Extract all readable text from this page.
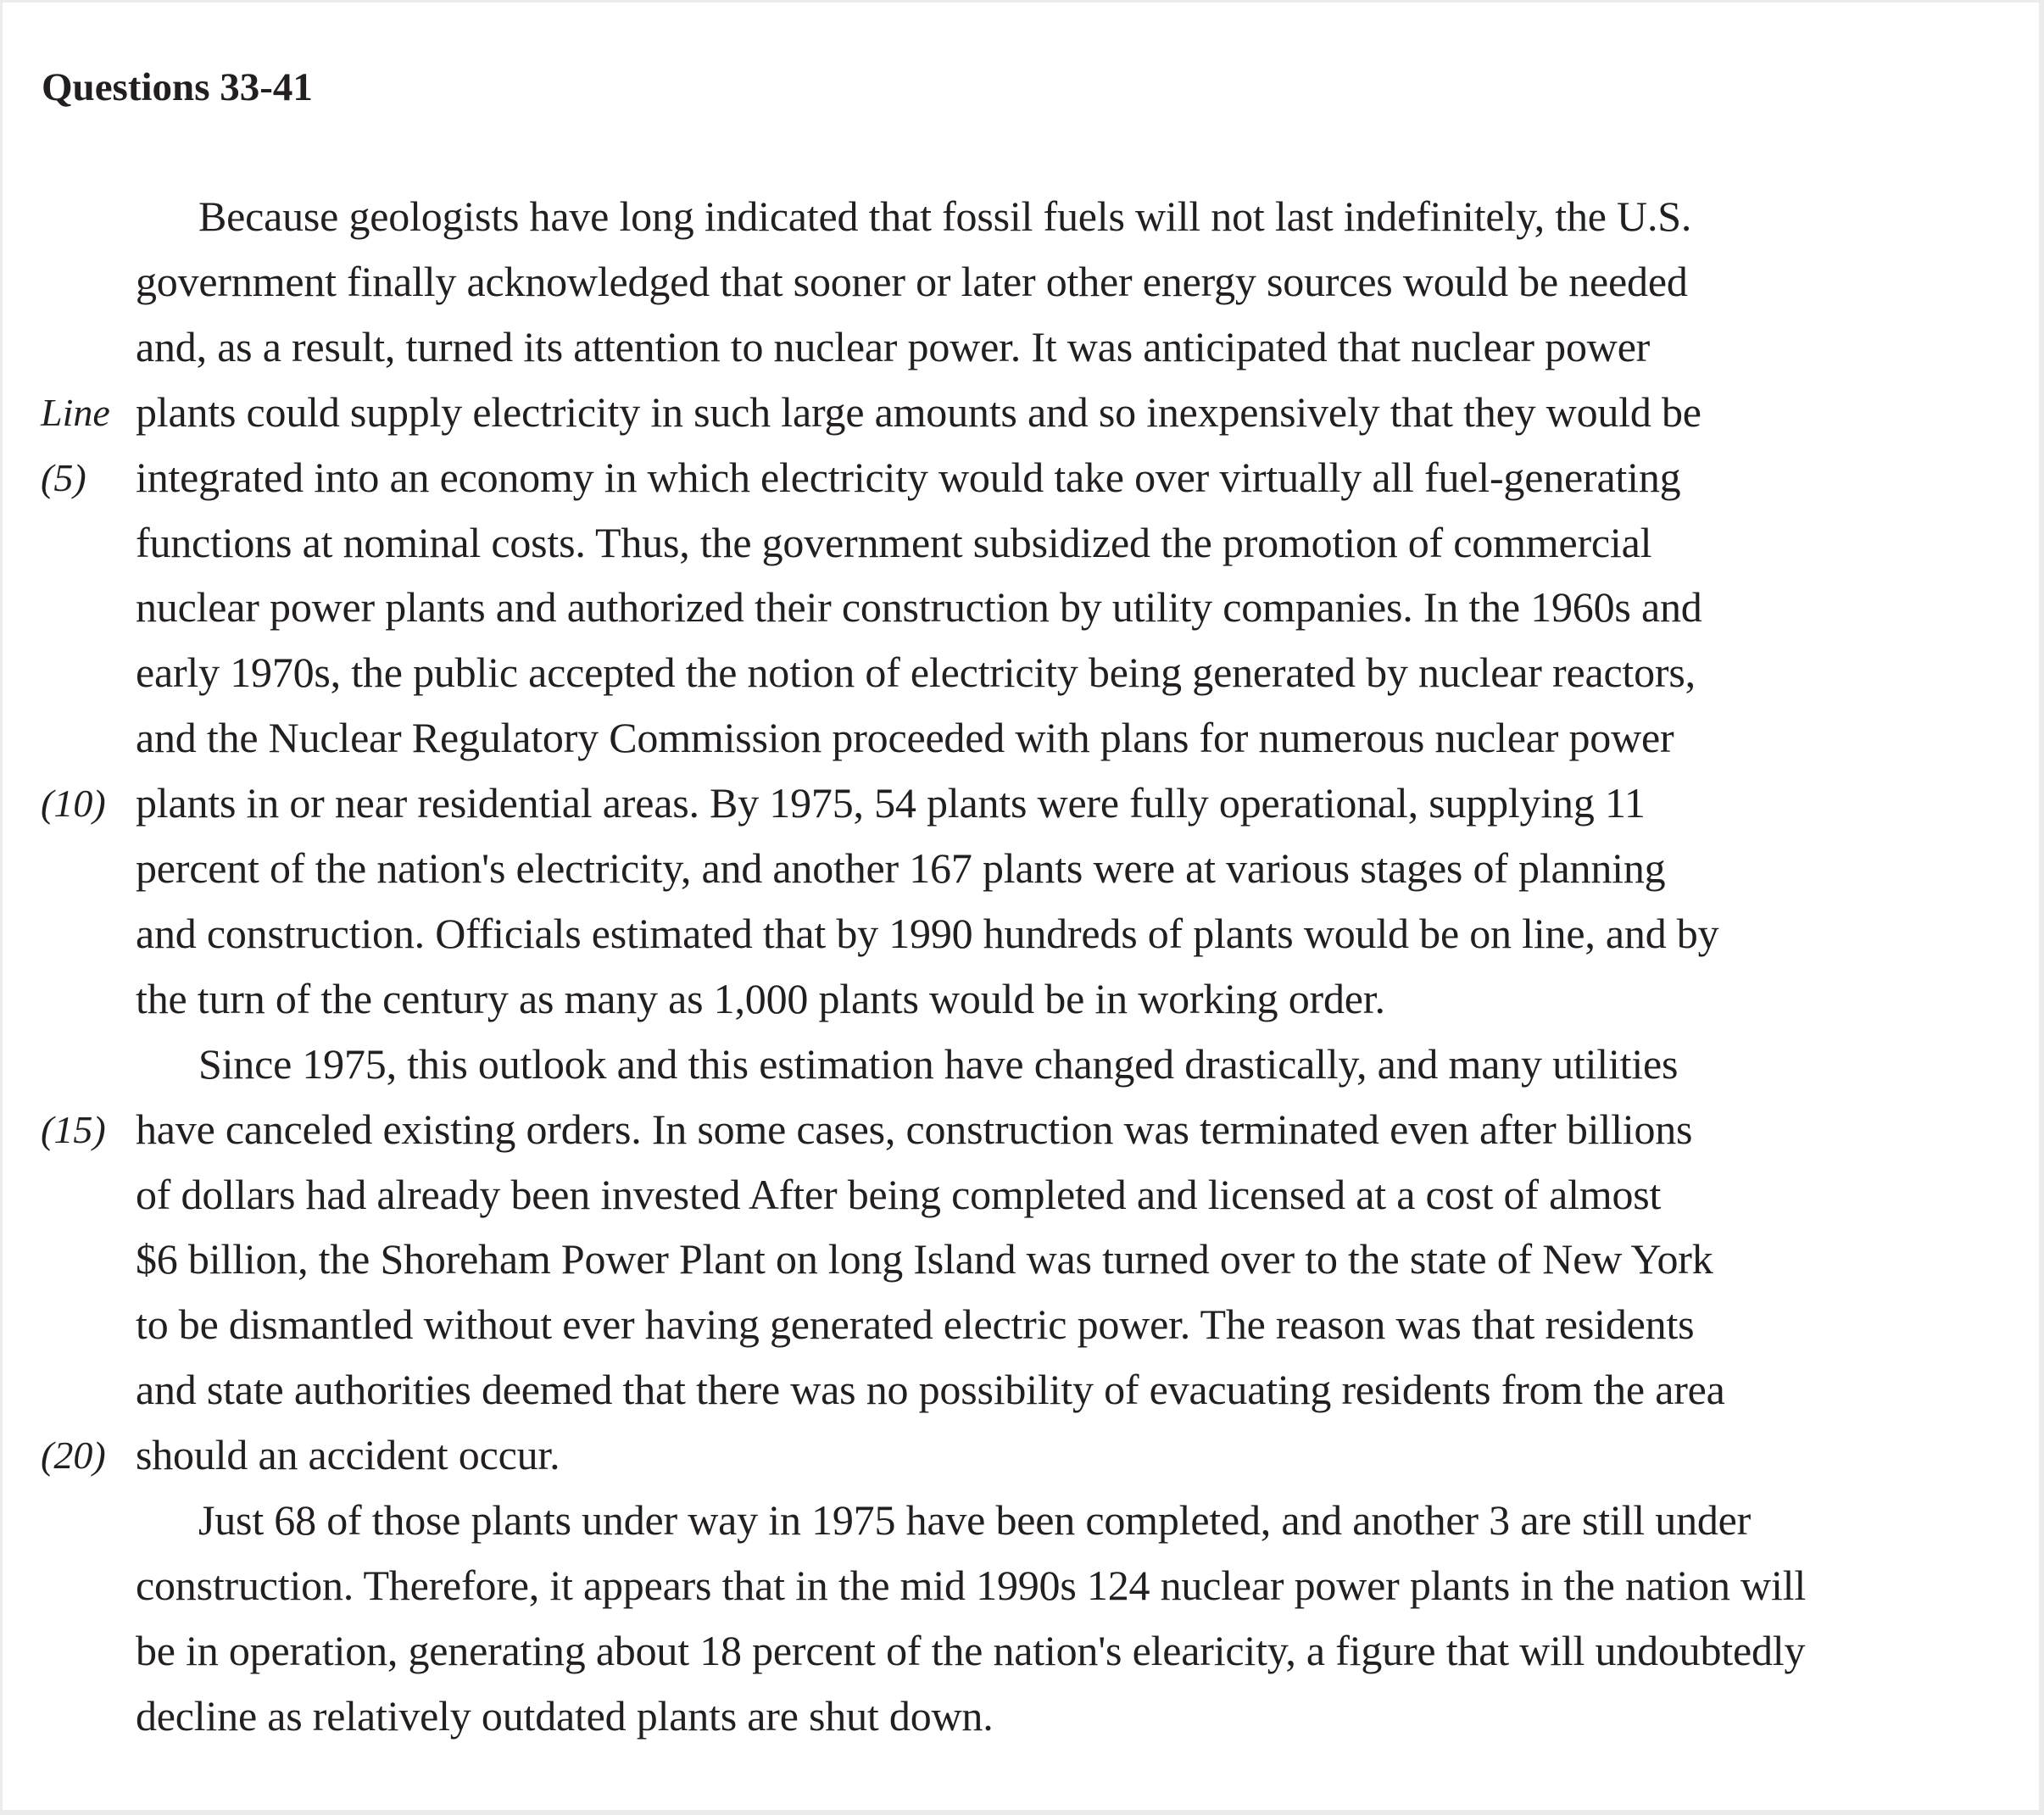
Questions 33-41
Because geologists have long indicated that fossil fuels will not last indefinitely, the U.S.
government finally acknowledged that sooner or later other energy sources would be needed
and, as a result, turned its attention to nuclear power. It was anticipated that nuclear power
plants could supply electricity in such large amounts and so inexpensively that they would be
integrated into an economy in which electricity would take over virtually all fuel-generating
functions at nominal costs. Thus, the government subsidized the promotion of commercial
nuclear power plants and authorized their construction by utility companies. In the 1960s and
early 1970s, the public accepted the notion of electricity being generated by nuclear reactors,
and the Nuclear Regulatory Commission proceeded with plans for numerous nuclear power
plants in or near residential areas. By 1975, 54 plants were fully operational, supplying 11
percent of the nation's electricity, and another 167 plants were at various stages of planning
and construction. Officials estimated that by 1990 hundreds of plants would be on line, and by
the turn of the century as many as 1,000 plants would be in working order.
Since 1975, this outlook and this estimation have changed drastically, and many utilities
have canceled existing orders. In some cases, construction was terminated even after billions
of dollars had already been invested After being completed and licensed at a cost of almost
$6 billion, the Shoreham Power Plant on long Island was turned over to the state of New York
to be dismantled without ever having generated electric power. The reason was that residents
and state authorities deemed that there was no possibility of evacuating residents from the area
should an accident occur.
Just 68 of those plants under way in 1975 have been completed, and another 3 are still under
construction. Therefore, it appears that in the mid 1990s 124 nuclear power plants in the nation will
be in operation, generating about 18 percent of the nation's elearicity, a figure that will undoubtedly
decline as relatively outdated plants are shut down.
Line
(5)
(10)
(15)
(20)
